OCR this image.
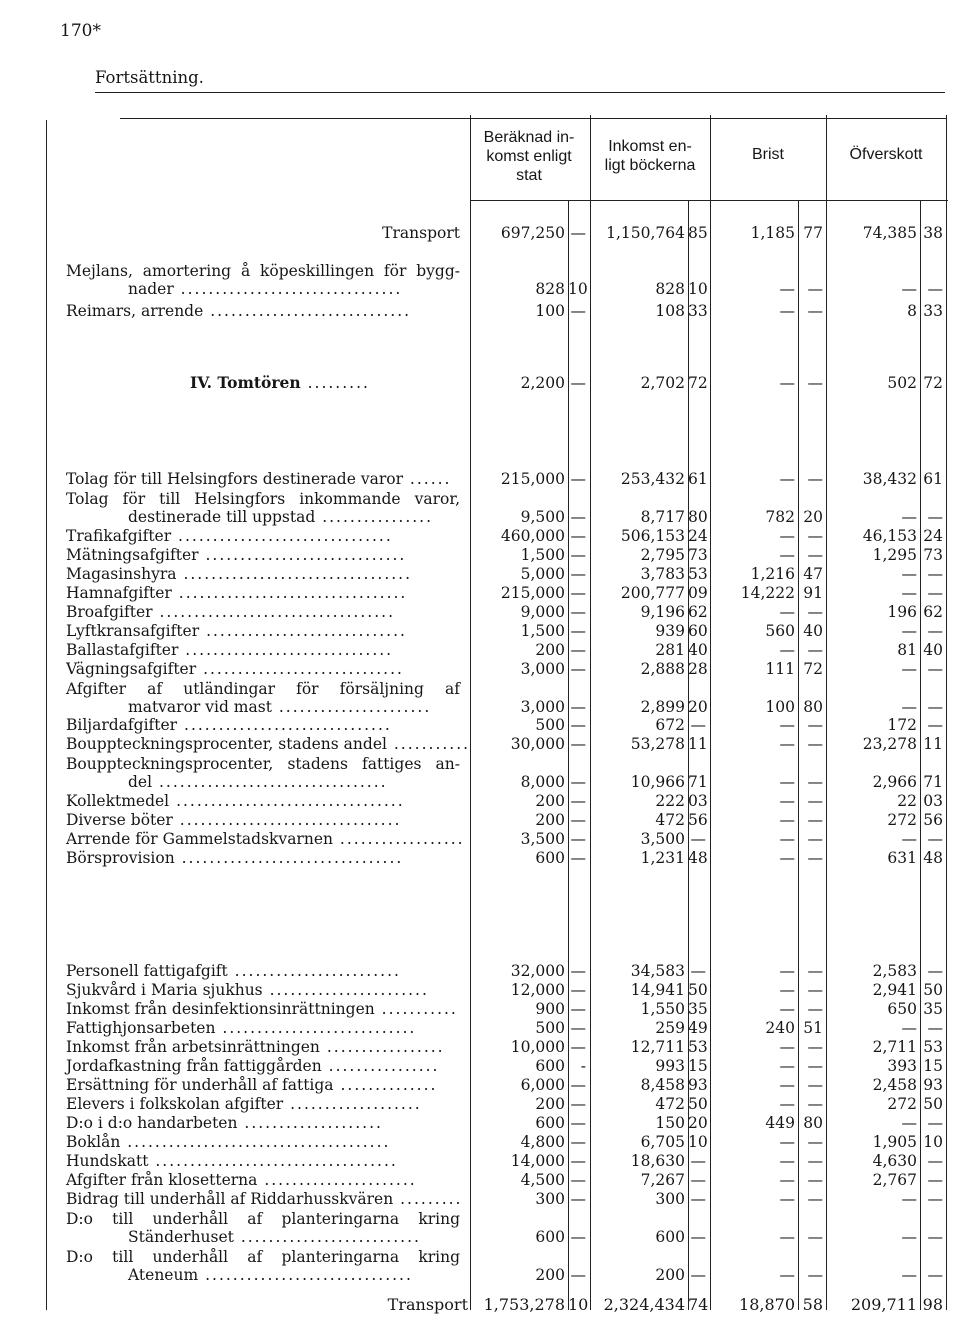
170*
Fortsättning.
Beräknad in-
komst enligt
stat
Inkomst en-
ligt böckerna
Brist	Öfverskott
Transport	697,250 —	1,150,764 85	1,185 77	74,385 38
Mejlans, amortering å köpeskillingen för bygg-
nader ................................	828 10	828 10	— —	— —
Reimars, arrende .............................	100 —	108 33	— —	8 33
IV. Tomtören .........	2,200 —	2,702 72	— —	502 72
Tolag för till Helsingfors destinerade varor ......	215,000 —	253,432 61	— —	38,432 61
Tolag för till Helsingfors inkommande varor,
destinerade till uppstad ................	9,500 —	8,717 80	782 20	— —
Trafikafgifter ...............................	460,000 —	506,153 24	— —	46,153 24
Mätningsafgifter .............................	1,500 —	2,795 73	— —	1,295 73
Magasinshyra .................................	5,000 —	3,783 53	1,216 47	— —
Hamnafgifter .................................	215,000 —	200,777 09	14,222 91	— —
Broafgifter ..................................	9,000 —	9,196 62	— —	196 62
Lyftkransafgifter .............................	1,500 —	939 60	560 40	— —
Ballastafgifter ..............................	200 —	281 40	— —	81 40
Vägningsafgifter .............................	3,000 —	2,888 28	111 72	— —
Afgifter af utländingar för försäljning af
matvaror vid mast ......................	3,000 —	2,899 20	100 80	— —
Biljardafgifter ..............................	500 —	672 —	— —	172 —
Bouppteckningsprocenter, stadens andel ...........	30,000 —	53,278 11	— —	23,278 11
Bouppteckningsprocenter, stadens fattiges an-
del .................................	8,000 —	10,966 71	— —	2,966 71
Kollektmedel .................................	200 —	222 03	— —	22 03
Diverse böter ................................	200 —	472 56	— —	272 56
Arrende för Gammelstadskvarnen ..................	3,500 —	3,500 —	— —	— —
Börsprovision ................................	600 —	1,231 48	— —	631 48
Personell fattigafgift ........................	32,000 —	34,583 —	— —	2,583 —
Sjukvård i Maria sjukhus .......................	12,000 —	14,941 50	— —	2,941 50
Inkomst från desinfektionsinrättningen ...........	900 —	1,550 35	— —	650 35
Fattighjonsarbeten ............................	500 —	259 49	240 51	— —
Inkomst från arbetsinrättningen .................	10,000 —	12,711 53	— —	2,711 53
Jordafkastning från fattiggården ................	600	-	993 15	— —	393 15
Ersättning för underhåll af fattiga ..............	6,000 —	8,458 93	— —	2,458 93
Elevers i folkskolan afgifter ...................	200 —	472 50	— —	272 50
D:o i d:o handarbeten ....................	600 —	150 20	449 80	— —
Boklån ......................................	4,800 —	6,705 10	— —	1,905 10
Hundskatt ...................................	14,000 —	18,630 —	— —	4,630 —
Afgifter från klosetterna ......................	4,500 —	7,267 —	— —	2,767 —
Bidrag till underhåll af Riddarhusskvären .........	300 —	300 —	— —	— —
D:o till underhåll af planteringarna kring
Ständerhuset ..........................	600 —	600 —	— —	— —
D:o till underhåll af planteringarna kring
Ateneum ..............................	200 —	200 —	— —	— —
Transport 1,753,278 10 2,324,434 74	18,870 58	209,711 98
